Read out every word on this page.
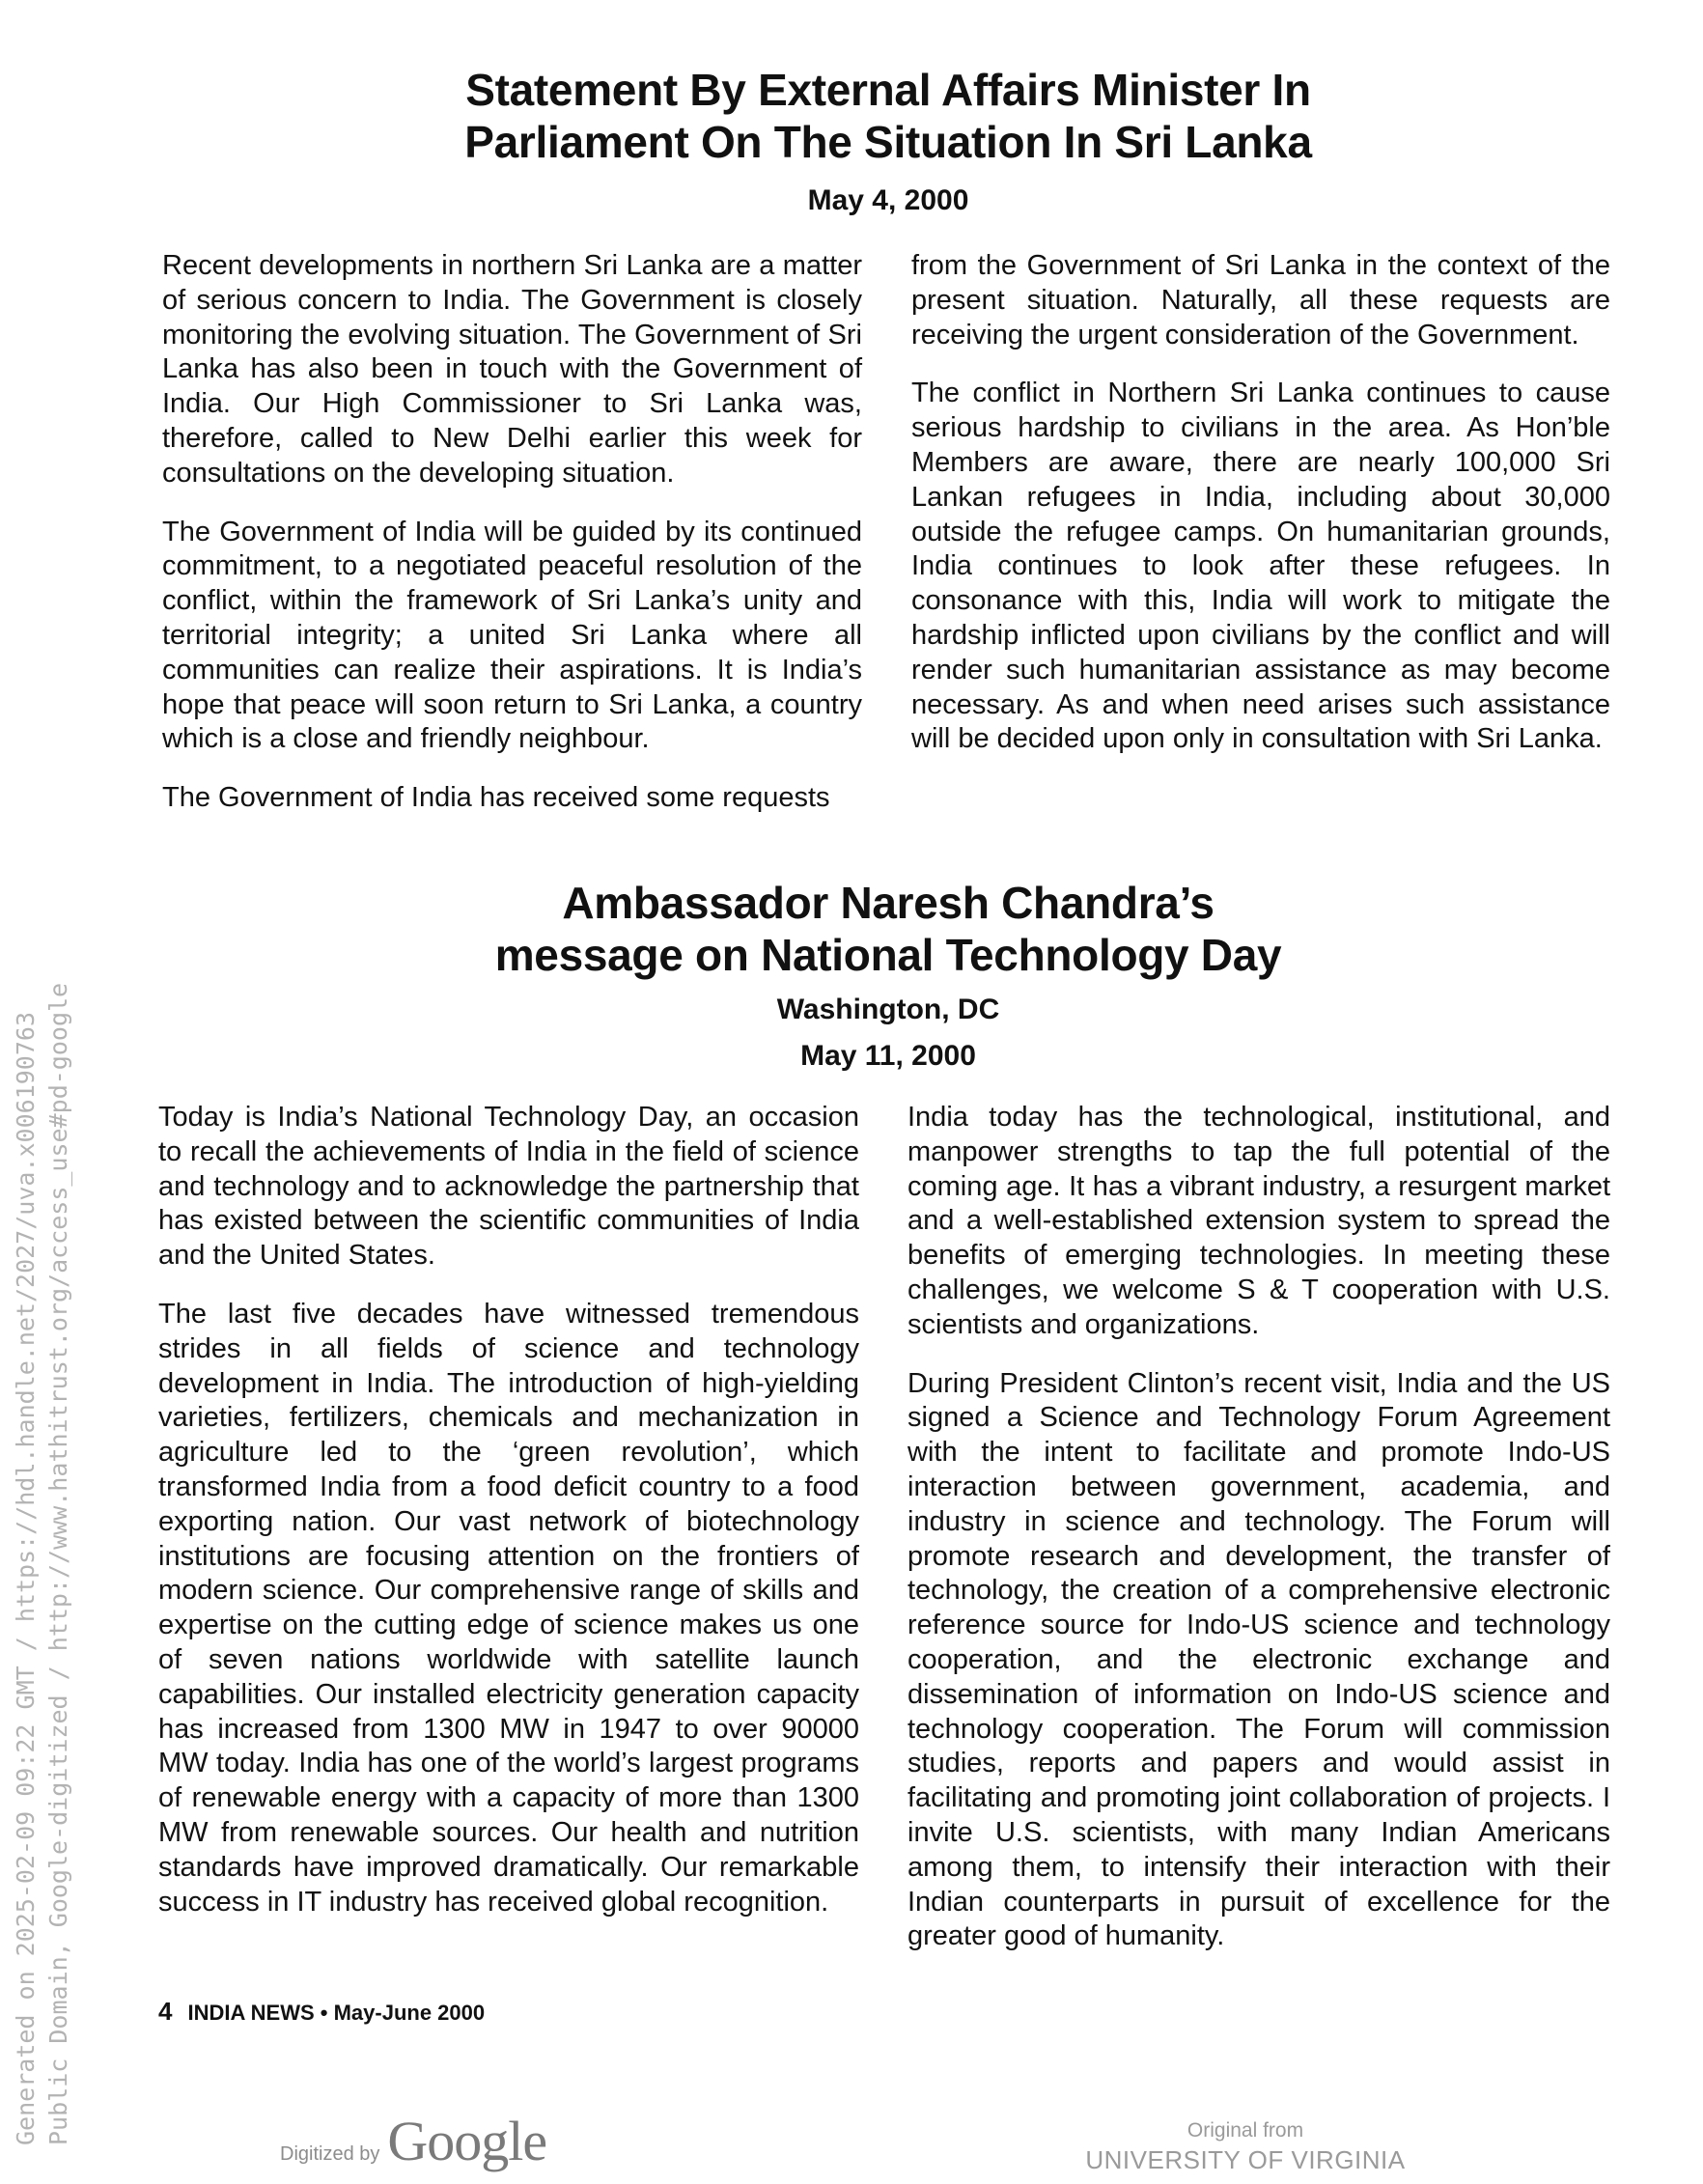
Statement By External Affairs Minister In
Parliament On The Situation In Sri Lanka
May 4, 2000

Recent developments in northern Sri Lanka are a matter of serious concern to India. The Government is closely monitoring the evolving situation. The Government of Sri Lanka has also been in touch with the Government of India. Our High Commissioner to Sri Lanka was, therefore, called to New Delhi earlier this week for consultations on the developing situation.

The Government of India will be guided by its continued commitment, to a negotiated peaceful resolution of the conflict, within the framework of Sri Lanka’s unity and territorial integrity; a united Sri Lanka where all communities can realize their aspirations. It is India’s hope that peace will soon return to Sri Lanka, a country which is a close and friendly neighbour.

The Government of India has received some requests

from the Government of Sri Lanka in the context of the present situation. Naturally, all these requests are receiving the urgent consideration of the Government.

The conflict in Northern Sri Lanka continues to cause serious hardship to civilians in the area. As Hon’ble Members are aware, there are nearly 100,000 Sri Lankan refugees in India, including about 30,000 outside the refugee camps. On humanitarian grounds, India continues to look after these refugees. In consonance with this, India will work to mitigate the hardship inflicted upon civilians by the conflict and will render such humanitarian assistance as may become necessary. As and when need arises such assistance will be decided upon only in consultation with Sri Lanka.

Ambassador Naresh Chandra’s
message on National Technology Day
Washington, DC
May 11, 2000

Today is India’s National Technology Day, an occasion to recall the achievements of India in the field of science and technology and to acknowledge the partnership that has existed between the scientific communities of India and the United States.

The last five decades have witnessed tremendous strides in all fields of science and technology development in India. The introduction of high-yielding varieties, fertilizers, chemicals and mechanization in agriculture led to the ‘green revolution’, which transformed India from a food deficit country to a food exporting nation. Our vast network of biotechnology institutions are focusing attention on the frontiers of modern science. Our comprehensive range of skills and expertise on the cutting edge of science makes us one of seven nations worldwide with satellite launch capabilities. Our installed electricity generation capacity has increased from 1300 MW in 1947 to over 90000 MW today. India has one of the world’s largest programs of renewable energy with a capacity of more than 1300 MW from renewable sources. Our health and nutrition standards have improved dramatically. Our remarkable success in IT industry has received global recognition.

India today has the technological, institutional, and manpower strengths to tap the full potential of the coming age. It has a vibrant industry, a resurgent market and a well-established extension system to spread the benefits of emerging technologies. In meeting these challenges, we welcome S & T cooperation with U.S. scientists and organizations.

During President Clinton’s recent visit, India and the US signed a Science and Technology Forum Agreement with the intent to facilitate and promote Indo-US interaction between government, academia, and industry in science and technology. The Forum will promote research and development, the transfer of technology, the creation of a comprehensive electronic reference source for Indo-US science and technology cooperation, and the electronic exchange and dissemination of information on Indo-US science and technology cooperation. The Forum will commission studies, reports and papers and would assist in facilitating and promoting joint collaboration of projects. I invite U.S. scientists, with many Indian Americans among them, to intensify their interaction with their Indian counterparts in pursuit of excellence for the greater good of humanity.

4 INDIA NEWS • May-June 2000
Generated on 2025-02-09 09:22 GMT / https://hdl.handle.net/2027/uva.x006190763 Public Domain, Google-digitized / http://www.hathitrust.org/access_use#pd-google
Digitized by Google	Original from
UNIVERSITY OF VIRGINIA
